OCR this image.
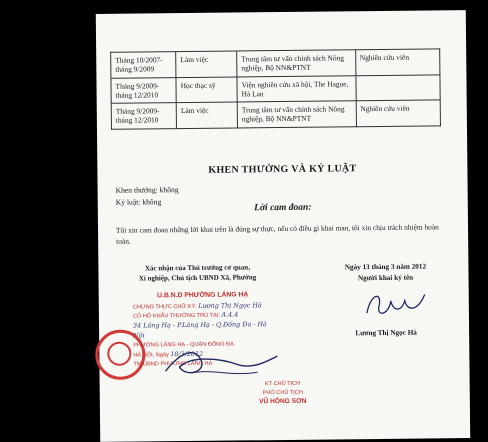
Tháng 10/2007- tháng 9/2009	Làm việc	Trung tâm tư vấn chính sách Nông nghiệp, Bộ NN&PTNT	Nghiên cứu viên
Tháng 9/2009- tháng 12/2010	Học thạc sỹ	Viện nghiên cứu xã hội, The Hague, Hà Lan	
Tháng 9/2009- tháng 12/2010	Làm việc	Trung tâm tư vấn chính sách Nông nghiệp, Bộ NN&PTNT	Nghiên cứu viên
KHEN THƯỞNG VÀ KỶ LUẬT
Khen thưởng: không
Kỷ luật: không
Lời cam đoan:
Tôi xin cam đoan những lời khai trên là đúng sự thực, nếu có điều gì khai man, tôi xin chịu trách nhiệm hoàn toàn.
Xác nhận của Thủ trưởng cơ quan,
Xí nghiệp, Chủ tịch UBND Xã, Phường
U.B.N.D PHƯỜNG LÁNG HẠ
CHỨNG THỰC CHỮ KÝ: Lương Thị Ngọc Hà
CÓ HỘ KHẨU THƯỜNG TRÚ TẠI: A.4.4
34 Láng Hạ - P.Láng Hạ - Q.Đống Đa - Hà Nội
PHƯỜNG LÁNG HẠ - QUẬN ĐỐNG ĐA
HÀ NỘI, Ngày 18/3/2012
TM UBND PHƯỜNG LÁNG HẠ
KT CHỦ TỊCH
PHÓ CHỦ TỊCH
VŨ HỒNG SƠN
Ngày 13 tháng 3 năm 2012
Người khai ký tên
Lương Thị Ngọc Hà
